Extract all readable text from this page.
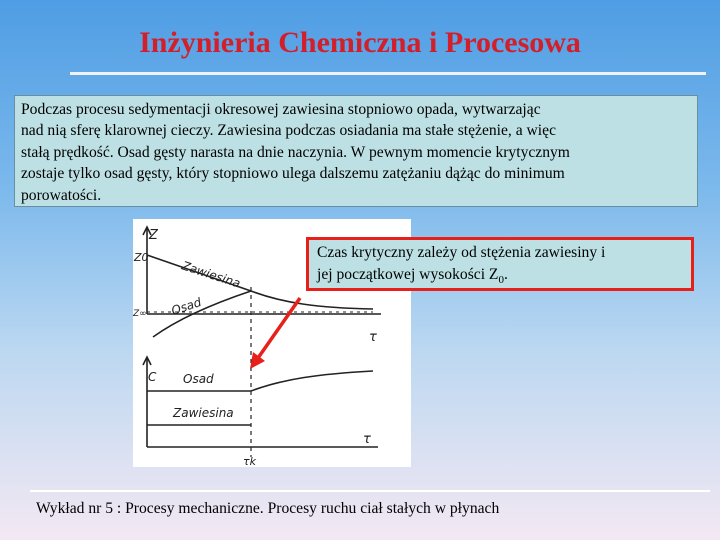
Inżynieria Chemiczna i Procesowa
Podczas procesu sedymentacji okresowej zawiesina stopniowo opada, wytwarzając
nad nią sferę klarownej cieczy. Zawiesina podczas osiadania ma stałe stężenie, a więc
stałą prędkość. Osad gęsty narasta na dnie naczynia. W pewnym momencie krytycznym
zostaje tylko osad gęsty, który stopniowo ulega dalszemu zatężaniu dążąc do minimum
porowatości.
Z
Z0
Z∞
Zawiesina
Osad
τ
C Osad
Zawiesina
τ
τk
Czas krytyczny zależy od stężenia zawiesiny i
jej początkowej wysokości $Z_0$.
Wykład nr 5 : Procesy mechaniczne. Procesy ruchu ciał stałych w płynach
